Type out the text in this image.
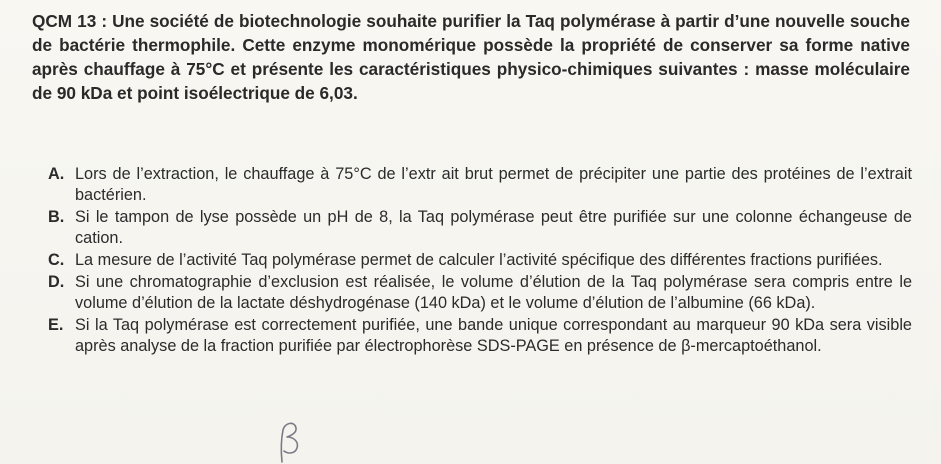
QCM 13 : Une société de biotechnologie souhaite purifier la Taq polymérase à partir d’une nouvelle souche de bactérie thermophile. Cette enzyme monomérique possède la propriété de conserver sa forme native après chauffage à 75°C et présente les caractéristiques physico-chimiques suivantes : masse moléculaire de 90 kDa et point isoélectrique de 6,03.
A. Lors de l’extraction, le chauffage à 75°C de l’extr ait brut permet de précipiter une partie des protéines de l’extrait bactérien.
B. Si le tampon de lyse possède un pH de 8, la Taq polymérase peut être purifiée sur une colonne échangeuse de cation.
C. La mesure de l’activité Taq polymérase permet de calculer l’activité spécifique des différentes fractions purifiées.
D. Si une chromatographie d’exclusion est réalisée, le volume d’élution de la Taq polymérase sera compris entre le volume d’élution de la lactate déshydrogénase (140 kDa) et le volume d’élution de l’albumine (66 kDa).
E. Si la Taq polymérase est correctement purifiée, une bande unique correspondant au marqueur 90 kDa sera visible après analyse de la fraction purifiée par électrophorèse SDS-PAGE en présence de β-mercaptoéthanol.
